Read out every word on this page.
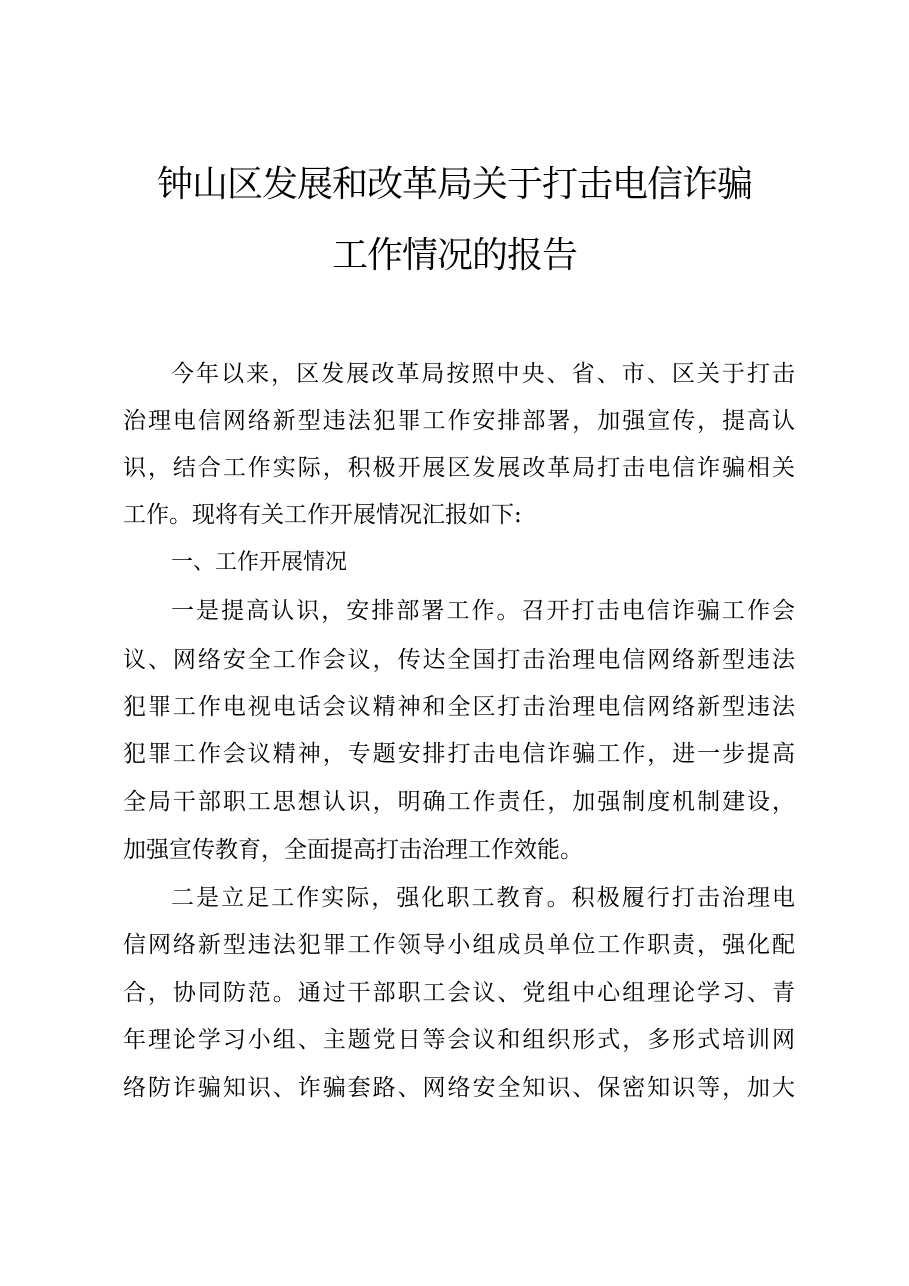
钟山区发展和改革局关于打击电信诈骗
工作情况的报告
今年以来，区发展改革局按照中央、省、市、区关于打击
治理电信网络新型违法犯罪工作安排部署，加强宣传，提高认
识，结合工作实际，积极开展区发展改革局打击电信诈骗相关
工作。现将有关工作开展情况汇报如下:
一、工作开展情况
一是提高认识，安排部署工作。召开打击电信诈骗工作会
议、网络安全工作会议，传达全国打击治理电信网络新型违法
犯罪工作电视电话会议精神和全区打击治理电信网络新型违法
犯罪工作会议精神，专题安排打击电信诈骗工作，进一步提高
全局干部职工思想认识，明确工作责任，加强制度机制建设，
加强宣传教育，全面提高打击治理工作效能。
二是立足工作实际，强化职工教育。积极履行打击治理电
信网络新型违法犯罪工作领导小组成员单位工作职责，强化配
合，协同防范。通过干部职工会议、党组中心组理论学习、青
年理论学习小组、主题党日等会议和组织形式，多形式培训网
络防诈骗知识、诈骗套路、网络安全知识、保密知识等，加大
